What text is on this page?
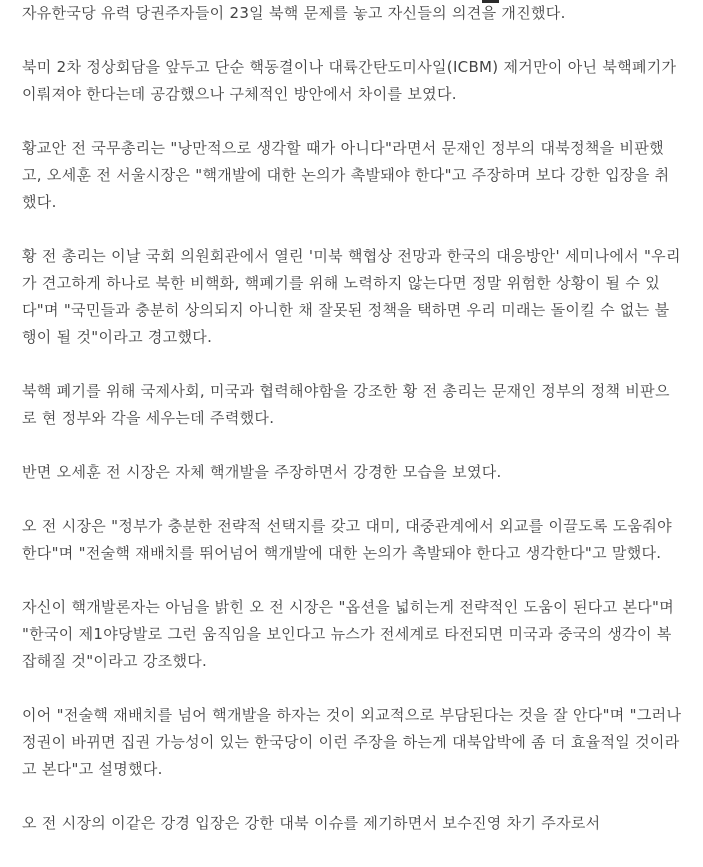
자유한국당 유력 당권주자들이 23일 북핵 문제를 놓고 자신들의 의견을 개진했다.

북미 2차 정상회담을 앞두고 단순 핵동결이나 대륙간탄도미사일(ICBM) 제거만이 아닌 북핵폐기가 이뤄져야 한다는데 공감했으나 구체적인 방안에서 차이를 보였다.

황교안 전 국무총리는 "낭만적으로 생각할 때가 아니다"라면서 문재인 정부의 대북정책을 비판했고, 오세훈 전 서울시장은 "핵개발에 대한 논의가 촉발돼야 한다"고 주장하며 보다 강한 입장을 취했다.

황 전 총리는 이날 국회 의원회관에서 열린 '미북 핵협상 전망과 한국의 대응방안' 세미나에서 "우리가 견고하게 하나로 북한 비핵화, 핵폐기를 위해 노력하지 않는다면 정말 위험한 상황이 될 수 있다"며 "국민들과 충분히 상의되지 아니한 채 잘못된 정책을 택하면 우리 미래는 돌이킬 수 없는 불행이 될 것"이라고 경고했다.

북핵 폐기를 위해 국제사회, 미국과 협력해야함을 강조한 황 전 총리는 문재인 정부의 정책 비판으로 현 정부와 각을 세우는데 주력했다.

반면 오세훈 전 시장은 자체 핵개발을 주장하면서 강경한 모습을 보였다.

오 전 시장은 "정부가 충분한 전략적 선택지를 갖고 대미, 대중관계에서 외교를 이끌도록 도움줘야 한다"며 "전술핵 재배치를 뛰어넘어 핵개발에 대한 논의가 촉발돼야 한다고 생각한다"고 말했다.

자신이 핵개발론자는 아님을 밝힌 오 전 시장은 "옵션을 넓히는게 전략적인 도움이 된다고 본다"며 "한국이 제1야당발로 그런 움직임을 보인다고 뉴스가 전세계로 타전되면 미국과 중국의 생각이 복잡해질 것"이라고 강조했다.

이어 "전술핵 재배치를 넘어 핵개발을 하자는 것이 외교적으로 부담된다는 것을 잘 안다"며 "그러나 정권이 바뀌면 집권 가능성이 있는 한국당이 이런 주장을 하는게 대북압박에 좀 더 효율적일 것이라고 본다"고 설명했다.

오 전 시장의 이같은 강경 입장은 강한 대북 이슈를 제기하면서 보수진영 차기 주자로서
